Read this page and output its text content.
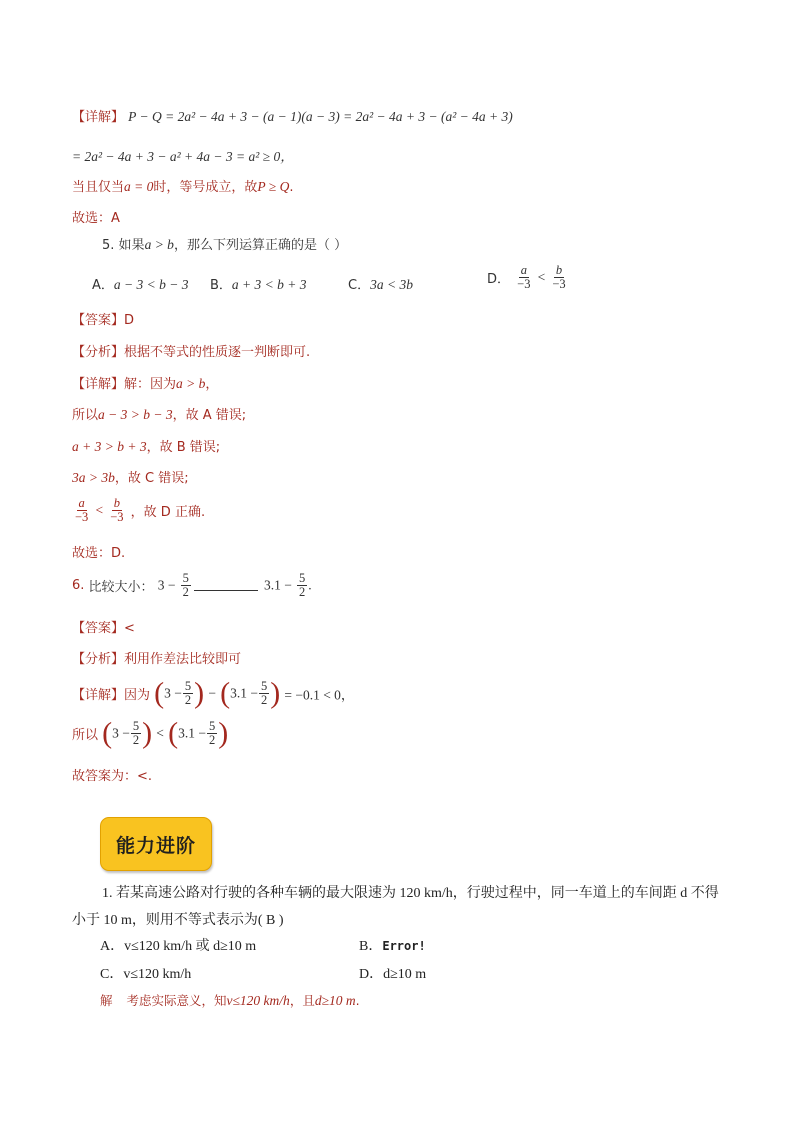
【详解】 P − Q = 2a² − 4a + 3 − (a − 1)(a − 3) = 2a² − 4a + 3 − (a² − 4a + 3)
= 2a² − 4a + 3 − a² + 4a − 3 = a² ≥ 0，
当且仅当a = 0时，等号成立，故P ≥ Q.
故选：A
5. 如果a > b，那么下列运算正确的是（ ）
A．a − 3 < b − 3 B．a + 3 < b + 3	C．3a < 3b	D． $\frac{a}{-3} < \frac{b}{-3}$
【答案】D
【分析】根据不等式的性质逐一判断即可.
【详解】解：因为a > b，
所以a − 3 > b − 3，故 A 错误;
a + 3 > b + 3，故 B 错误;
3a > 3b，故 C 错误;
$\frac{a}{-3} < \frac{b}{-3}$ ，故 D 正确.
故选：D.
6. 比较大小： $3 - \frac{5}{2}$	$3.1 - \frac{5}{2}$ .
【答案】<
【分析】利用作差法比较即可
【详解】因为 ($3 - \frac{5}{2}$ ) − ($3.1 - \frac{5}{2}$ ) = −0.1 < 0，
所以 ($3 - \frac{5}{2}$ ) < ($3.1 - \frac{5}{2}$ )
故答案为：<.
能力进阶
1. 若某高速公路对行驶的各种车辆的最大限速为 120 km/h，行驶过程中，同一车道上的车间距 d 不得
小于 10 m，则用不等式表示为( B )
A．v≤120 km/h 或 d≥10 m	B．Error!
C．v≤120 km/h	D．d≥10 m
解 考虑实际意义，知v≤120 km/h，且d≥10 m.
